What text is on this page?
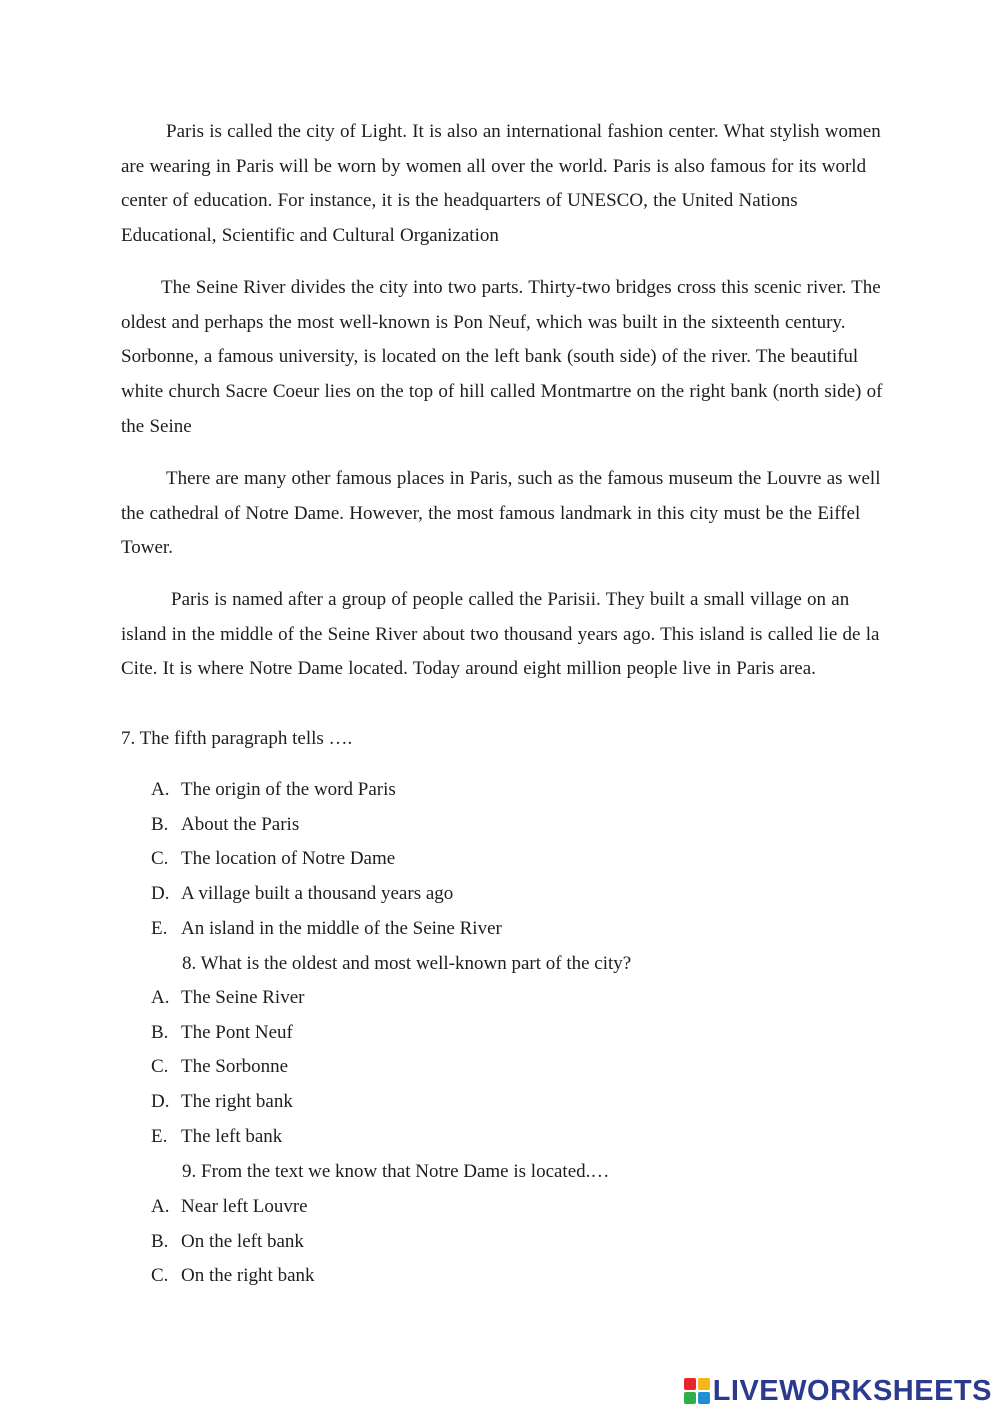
Paris is called the city of Light. It is also an international fashion center. What stylish women are wearing in Paris will be worn by women all over the world. Paris is also famous for its world center of education. For instance, it is the headquarters of UNESCO, the United Nations Educational, Scientific and Cultural Organization

The Seine River divides the city into two parts. Thirty-two bridges cross this scenic river. The oldest and perhaps the most well-known is Pon Neuf, which was built in the sixteenth century. Sorbonne, a famous university, is located on the left bank (south side) of the river. The beautiful white church Sacre Coeur lies on the top of hill called Montmartre on the right bank (north side) of the Seine

There are many other famous places in Paris, such as the famous museum the Louvre as well the cathedral of Notre Dame. However, the most famous landmark in this city must be the Eiffel Tower.

Paris is named after a group of people called the Parisii. They built a small village on an island in the middle of the Seine River about two thousand years ago. This island is called lie de la Cite. It is where Notre Dame located. Today around eight million people live in Paris area.

7. The fifth paragraph tells ….

A. The origin of the word Paris
B. About the Paris
C. The location of Notre Dame
D. A village built a thousand years ago
E. An island in the middle of the Seine River

8. What is the oldest and most well-known part of the city?

A. The Seine River
B. The Pont Neuf
C. The Sorbonne
D. The right bank
E. The left bank

9. From the text we know that Notre Dame is located.…

A. Near left Louvre
B. On the left bank
C. On the right bank
LIVEWORKSHEETS
